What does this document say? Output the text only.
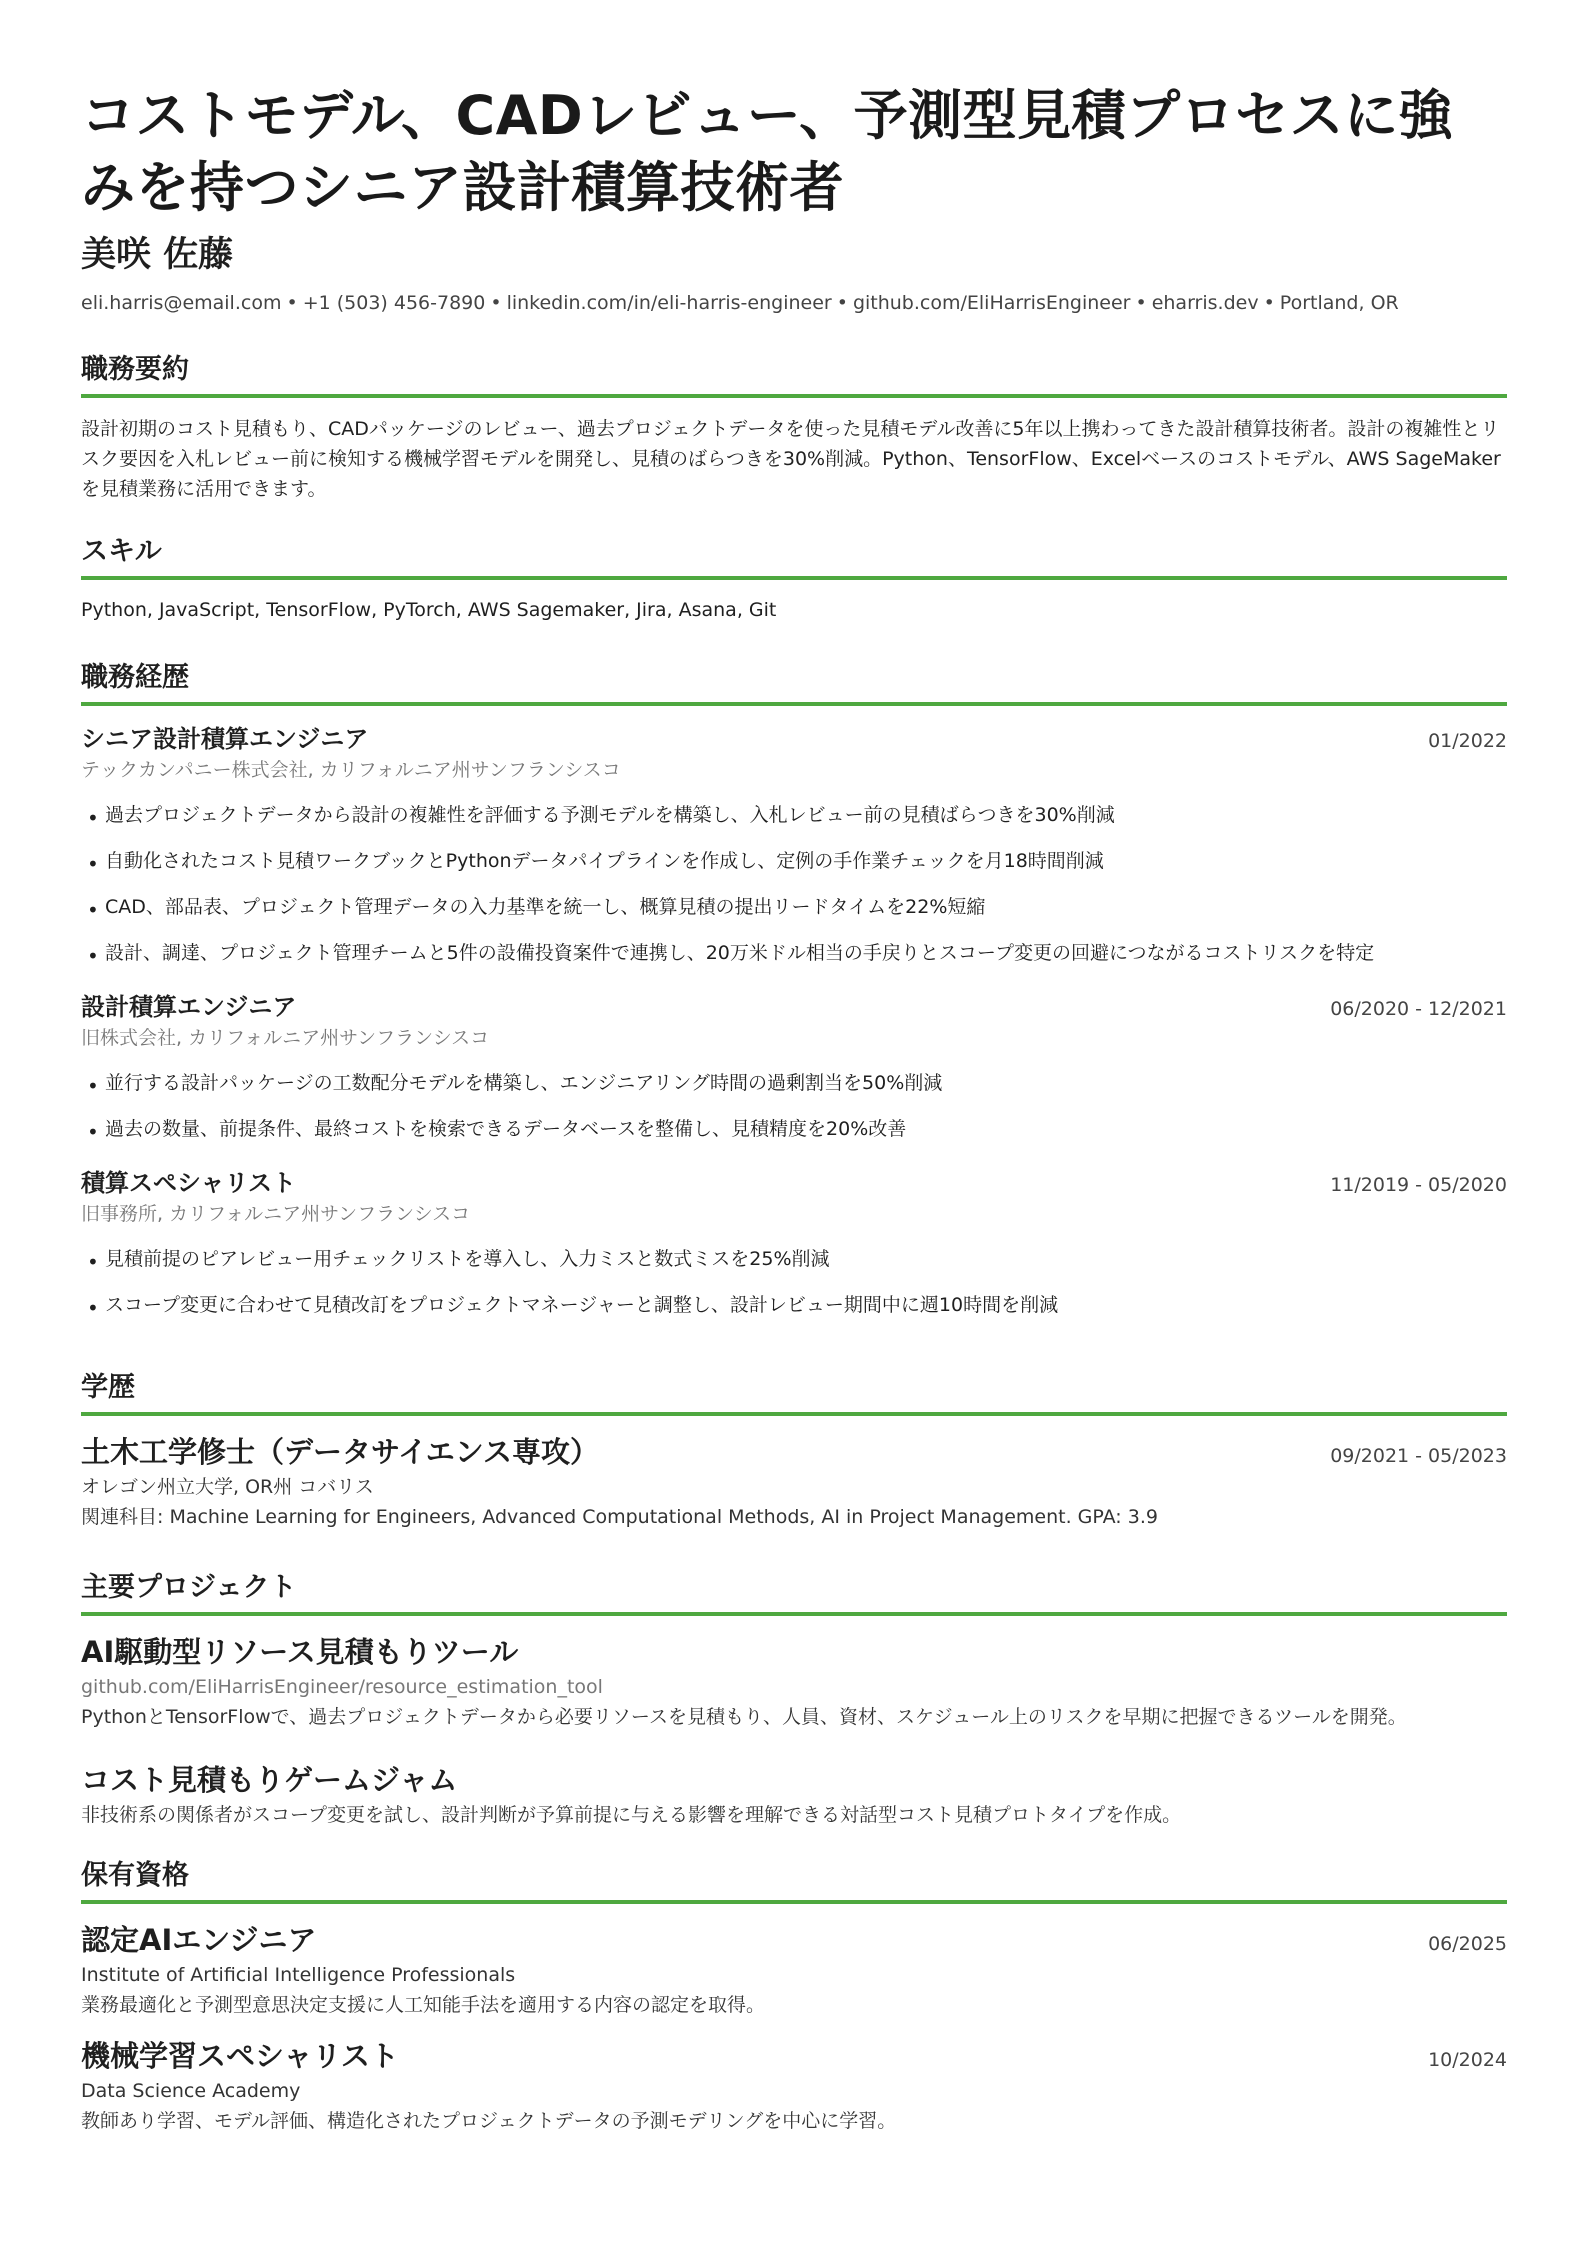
コストモデル、CADレビュー、予測型見積プロセスに強みを持つシニア設計積算技術者
美咲 佐藤
eli.harris@email.com • +1 (503) 456-7890 • linkedin.com/in/eli-harris-engineer • github.com/EliHarrisEngineer • eharris.dev • Portland, OR
職務要約

設計初期のコスト見積もり、CADパッケージのレビュー、過去プロジェクトデータを使った見積モデル改善に5年以上携わってきた設計積算技術者。設計の複雑性とリスク要因を入札レビュー前に検知する機械学習モデルを開発し、見積のばらつきを30%削減。Python、TensorFlow、Excelベースのコストモデル、AWS SageMakerを見積業務に活用できます。

スキル
Python, JavaScript, TensorFlow, PyTorch, AWS Sagemaker, Jira, Asana, Git
職務経歴
シニア設計積算エンジニア	01/2022
テックカンパニー株式会社, カリフォルニア州サンフランシスコ
• 過去プロジェクトデータから設計の複雑性を評価する予測モデルを構築し、入札レビュー前の見積ばらつきを30%削減
• 自動化されたコスト見積ワークブックとPythonデータパイプラインを作成し、定例の手作業チェックを月18時間削減
• CAD、部品表、プロジェクト管理データの入力基準を統一し、概算見積の提出リードタイムを22%短縮
• 設計、調達、プロジェクト管理チームと5件の設備投資案件で連携し、20万米ドル相当の手戻りとスコープ変更の回避につながるコストリスクを特定
設計積算エンジニア	06/2020 - 12/2021
旧株式会社, カリフォルニア州サンフランシスコ
• 並行する設計パッケージの工数配分モデルを構築し、エンジニアリング時間の過剰割当を50%削減
• 過去の数量、前提条件、最終コストを検索できるデータベースを整備し、見積精度を20%改善
積算スペシャリスト	11/2019 - 05/2020
旧事務所, カリフォルニア州サンフランシスコ
• 見積前提のピアレビュー用チェックリストを導入し、入力ミスと数式ミスを25%削減
• スコープ変更に合わせて見積改訂をプロジェクトマネージャーと調整し、設計レビュー期間中に週10時間を削減
学歴
土木工学修士（データサイエンス専攻）	09/2021 - 05/2023
オレゴン州立大学, OR州 コバリス
関連科目: Machine Learning for Engineers, Advanced Computational Methods, AI in Project Management. GPA: 3.9
主要プロジェクト
AI駆動型リソース見積もりツール
github.com/EliHarrisEngineer/resource_estimation_tool
PythonとTensorFlowで、過去プロジェクトデータから必要リソースを見積もり、人員、資材、スケジュール上のリスクを早期に把握できるツールを開発。
コスト見積もりゲームジャム
非技術系の関係者がスコープ変更を試し、設計判断が予算前提に与える影響を理解できる対話型コスト見積プロトタイプを作成。
保有資格
認定AIエンジニア	06/2025
Institute of Artificial Intelligence Professionals
業務最適化と予測型意思決定支援に人工知能手法を適用する内容の認定を取得。
機械学習スペシャリスト	10/2024
Data Science Academy
教師あり学習、モデル評価、構造化されたプロジェクトデータの予測モデリングを中心に学習。
